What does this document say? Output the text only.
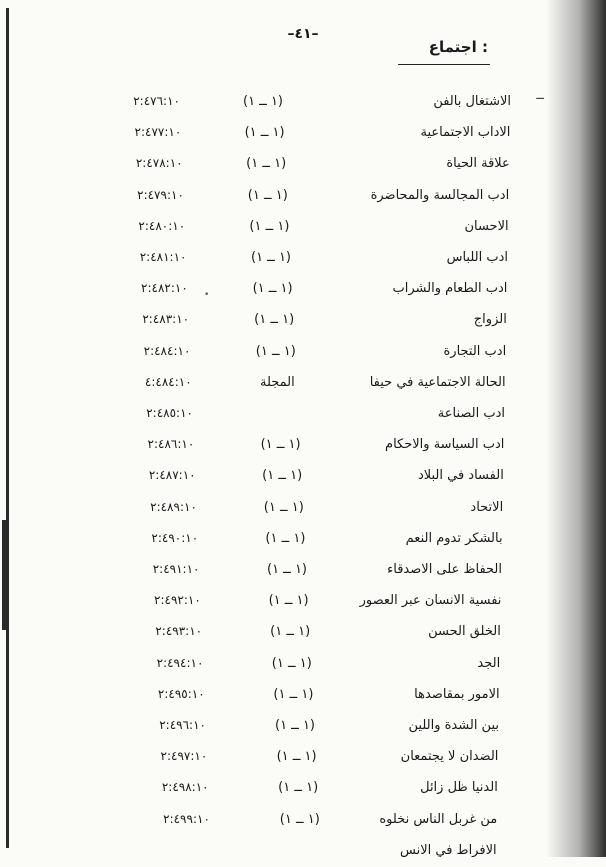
–٤١–
اجتماع :
ـ‍‍ـ
•
الاشتغال بالفن
(١ ــ ١)
٢:٤٧٦:١٠
الاداب الاجتماعية
(١ ــ ١)
٢:٤٧٧:١٠
علاقة الحياة
(١ ــ ١)
٢:٤٧٨:١٠
ادب المجالسة والمحاضرة
(١ ــ ١)
٢:٤٧٩:١٠
الاحسان
(١ ــ ١)
٢:٤٨٠:١٠
ادب اللباس
(١ ــ ١)
٢:٤٨١:١٠
ادب الطعام والشراب
(١ ــ ١)
٢:٤٨٢:١٠
الزواج
(١ ــ ١)
٢:٤٨٣:١٠
ادب التجارة
(١ ــ ١)
٢:٤٨٤:١٠
الحالة الاجتماعية في حيفا
المجلة
٤:٤٨٤:١٠
ادب الصناعة
٢:٤٨٥:١٠
ادب السياسة والاحكام
(١ ــ ١)
٢:٤٨٦:١٠
الفساد في البلاد
(١ ــ ١)
٢:٤٨٧:١٠
الاتحاد
(١ ــ ١)
٢:٤٨٩:١٠
بالشكر تدوم النعم
(١ ــ ١)
٢:٤٩٠:١٠
الحفاظ على الاصدقاء
(١ ــ ١)
٢:٤٩١:١٠
نفسية الانسان عبر العصور
(١ ــ ١)
٢:٤٩٢:١٠
الخلق الحسن
(١ ــ ١)
٢:٤٩٣:١٠
الجد
(١ ــ ١)
٢:٤٩٤:١٠
الامور بمقاصدها
(١ ــ ١)
٢:٤٩٥:١٠
بين الشدة واللين
(١ ــ ١)
٢:٤٩٦:١٠
الضدان لا يجتمعان
(١ ــ ١)
٢:٤٩٧:١٠
الدنيا ظل زائل
(١ ــ ١)
٢:٤٩٨:١٠
من غربل الناس نخلوه
(١ ــ ١)
٢:٤٩٩:١٠
الافراط في الانس
